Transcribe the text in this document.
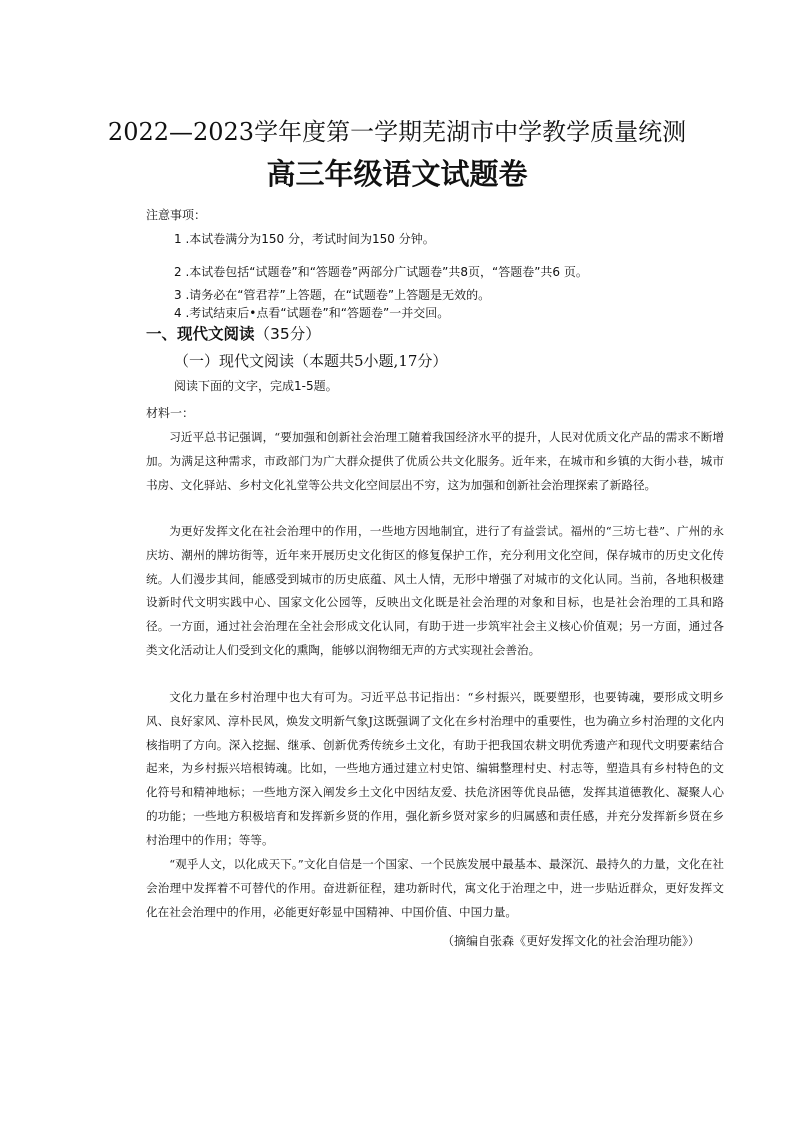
2022—2023学年度第一学期芜湖市中学教学质量统测
高三年级语文试题卷
注意事项：
1 .本试卷满分为150 分，考试时间为150 分钟。
2 .本试卷包括“试题卷”和“答题卷”两部分广试题卷”共8页，“答题卷”共6 页。
3 .请务必在“管君荐”上答题，在“试题卷”上答题是无效的。
4 .考试结束后•点看“试题卷”和“答题卷”一并交回。
一、现代文阅读（35分）
（一）现代文阅读（本题共5小题,17分）
阅读下面的文字，完成1-5题。
材料一：

习近平总书记强调，“要加强和创新社会治理工随着我国经济水平的提升，人民对优质文化产品的需求不断增加。为满足这种需求，市政部门为广大群众提供了优质公共文化服务。近年来，在城市和乡镇的大街小巷，城市书房、文化驿站、乡村文化礼堂等公共文化空间层出不穷，这为加强和创新社会治理探索了新路径。

为更好发挥文化在社会治理中的作用，一些地方因地制宜，进行了有益尝试。福州的“三坊七巷”、广州的永庆坊、潮州的牌坊街等，近年来开展历史文化街区的修复保护工作，充分利用文化空间，保存城市的历史文化传统。人们漫步其间，能感受到城市的历史底蕴、风土人情，无形中增强了对城市的文化认同。当前，各地积极建设新时代文明实践中心、国家文化公园等，反映出文化既是社会治理的对象和目标，也是社会治理的工具和路径。一方面，通过社会治理在全社会形成文化认同，有助于进一步筑牢社会主义核心价值观；另一方面，通过各类文化活动让人们受到文化的熏陶，能够以润物细无声的方式实现社会善治。

文化力量在乡村治理中也大有可为。习近平总书记指出：“乡村振兴，既要塑形，也要铸魂，要形成文明乡风、良好家风、淳朴民风，焕发文明新气象J这既强调了文化在乡村治理中的重要性，也为确立乡村治理的文化内核指明了方向。深入挖掘、继承、创新优秀传统乡土文化，有助于把我国农耕文明优秀遗产和现代文明要素结合起来，为乡村振兴培根铸魂。比如，一些地方通过建立村史馆、编辑整理村史、村志等，塑造具有乡村特色的文化符号和精神地标；一些地方深入阐发乡土文化中因结友爱、扶危济困等优良品德，发挥其道德教化、凝聚人心的功能；一些地方积极培育和发挥新乡贤的作用，强化新乡贤对家乡的归属感和责任感，并充分发挥新乡贤在乡村治理中的作用；等等。

“观乎人文，以化成天下。”文化自信是一个国家、一个民族发展中最基本、最深沉、最持久的力量，文化在社会治理中发挥着不可替代的作用。奋进新征程，建功新时代，寓文化于治理之中，进一步贴近群众，更好发挥文化在社会治理中的作用，必能更好彰显中国精神、中国价值、中国力量。

（摘编自张森《更好发挥文化的社会治理功能》）
